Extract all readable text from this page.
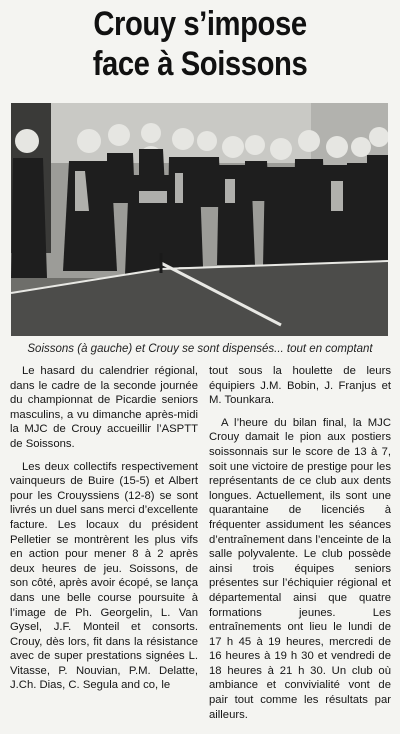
Crouy s’impose
face à Soissons
Soissons (à gauche) et Crouy se sont dispensés... tout en comptant

Le hasard du calendrier régional, dans le cadre de la seconde journée du championnat de Picardie seniors masculins, a vu dimanche après-midi la MJC de Crouy accueillir l’ASPTT de Soissons.

Les deux collectifs respectivement vainqueurs de Buire (15-5) et Albert pour les Crouyssiens (12-8) se sont livrés un duel sans merci d’excellente facture. Les locaux du président Pelletier se montrèrent les plus vifs en action pour mener 8 à 2 après deux heures de jeu. Soissons, de son côté, après avoir écopé, se lança dans une belle course poursuite à l’image de Ph. Georgelin, L. Van Gysel, J.F. Monteil et consorts. Crouy, dès lors, fit dans la résistance avec de super prestations signées L. Vitasse, P. Nouvian, P.M. Delatte, J.Ch. Dias, C. Segula and co, le

tout sous la houlette de leurs équipiers J.M. Bobin, J. Franjus et M. Tounkara.

A l’heure du bilan final, la MJC Crouy damait le pion aux postiers soissonnais sur le score de 13 à 7, soit une victoire de prestige pour les représentants de ce club aux dents longues. Actuellement, ils sont une quarantaine de licenciés à fréquenter assidument les séances d’entraînement dans l’enceinte de la salle polyvalente. Le club possède ainsi trois équipes seniors présentes sur l’échiquier régional et départemental ainsi que quatre formations jeunes. Les entraînements ont lieu le lundi de 17 h 45 à 19 heures, mercredi de 16 heures à 19 h 30 et vendredi de 18 heures à 21 h 30. Un club où ambiance et convivialité vont de pair tout comme les résultats par ailleurs.
